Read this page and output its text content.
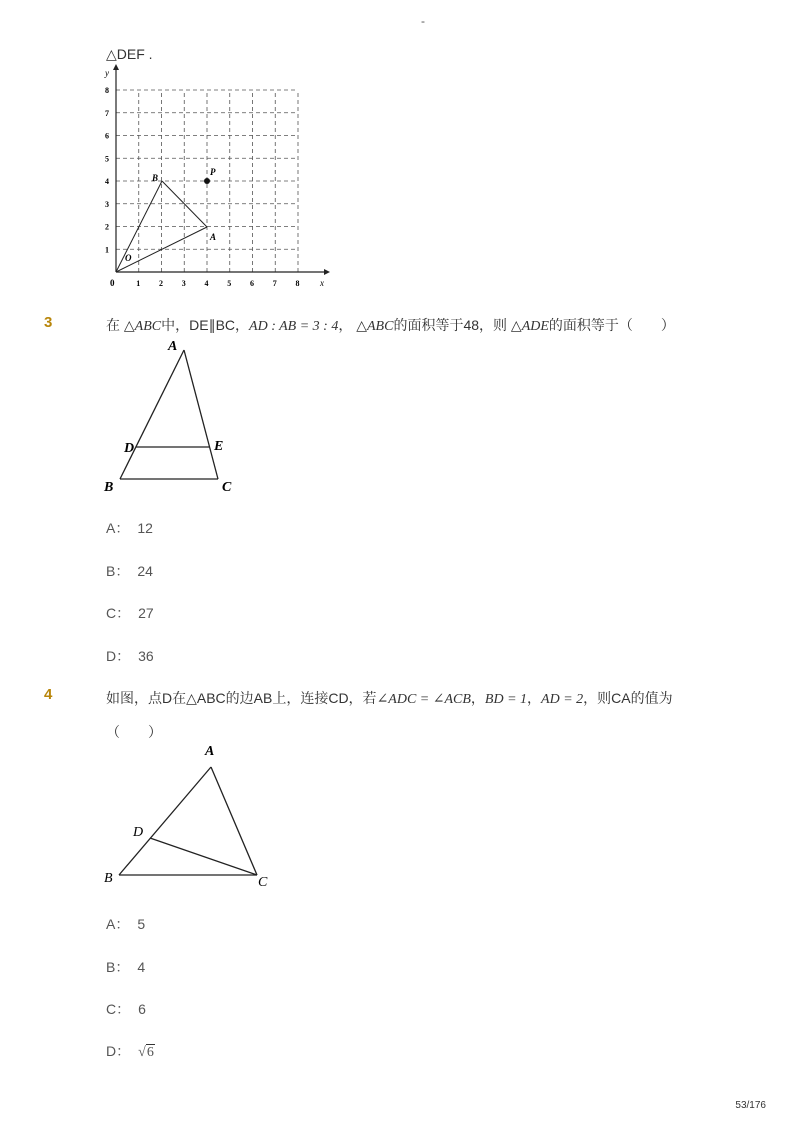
-
△DEF .
y
x
0	1 2 3 4 5 6 7 8
1
2
3
4
5
6
7
8
B
P
A
O
3	在 △ABC中，DE∥BC，AD : AB = 3 : 4， △ABC的面积等于48，则 △ADE的面积等于（　　）
A
D	E
B	C
A： 12
B： 24
C： 27
D： 36
4	如图，点D在△ABC的边AB上，连接CD，若∠ADC = ∠ACB，BD = 1，AD = 2，则CA的值为
（　　）
A
D
B	C
A： 5
B： 4
C： 6
D： √6
53/176
